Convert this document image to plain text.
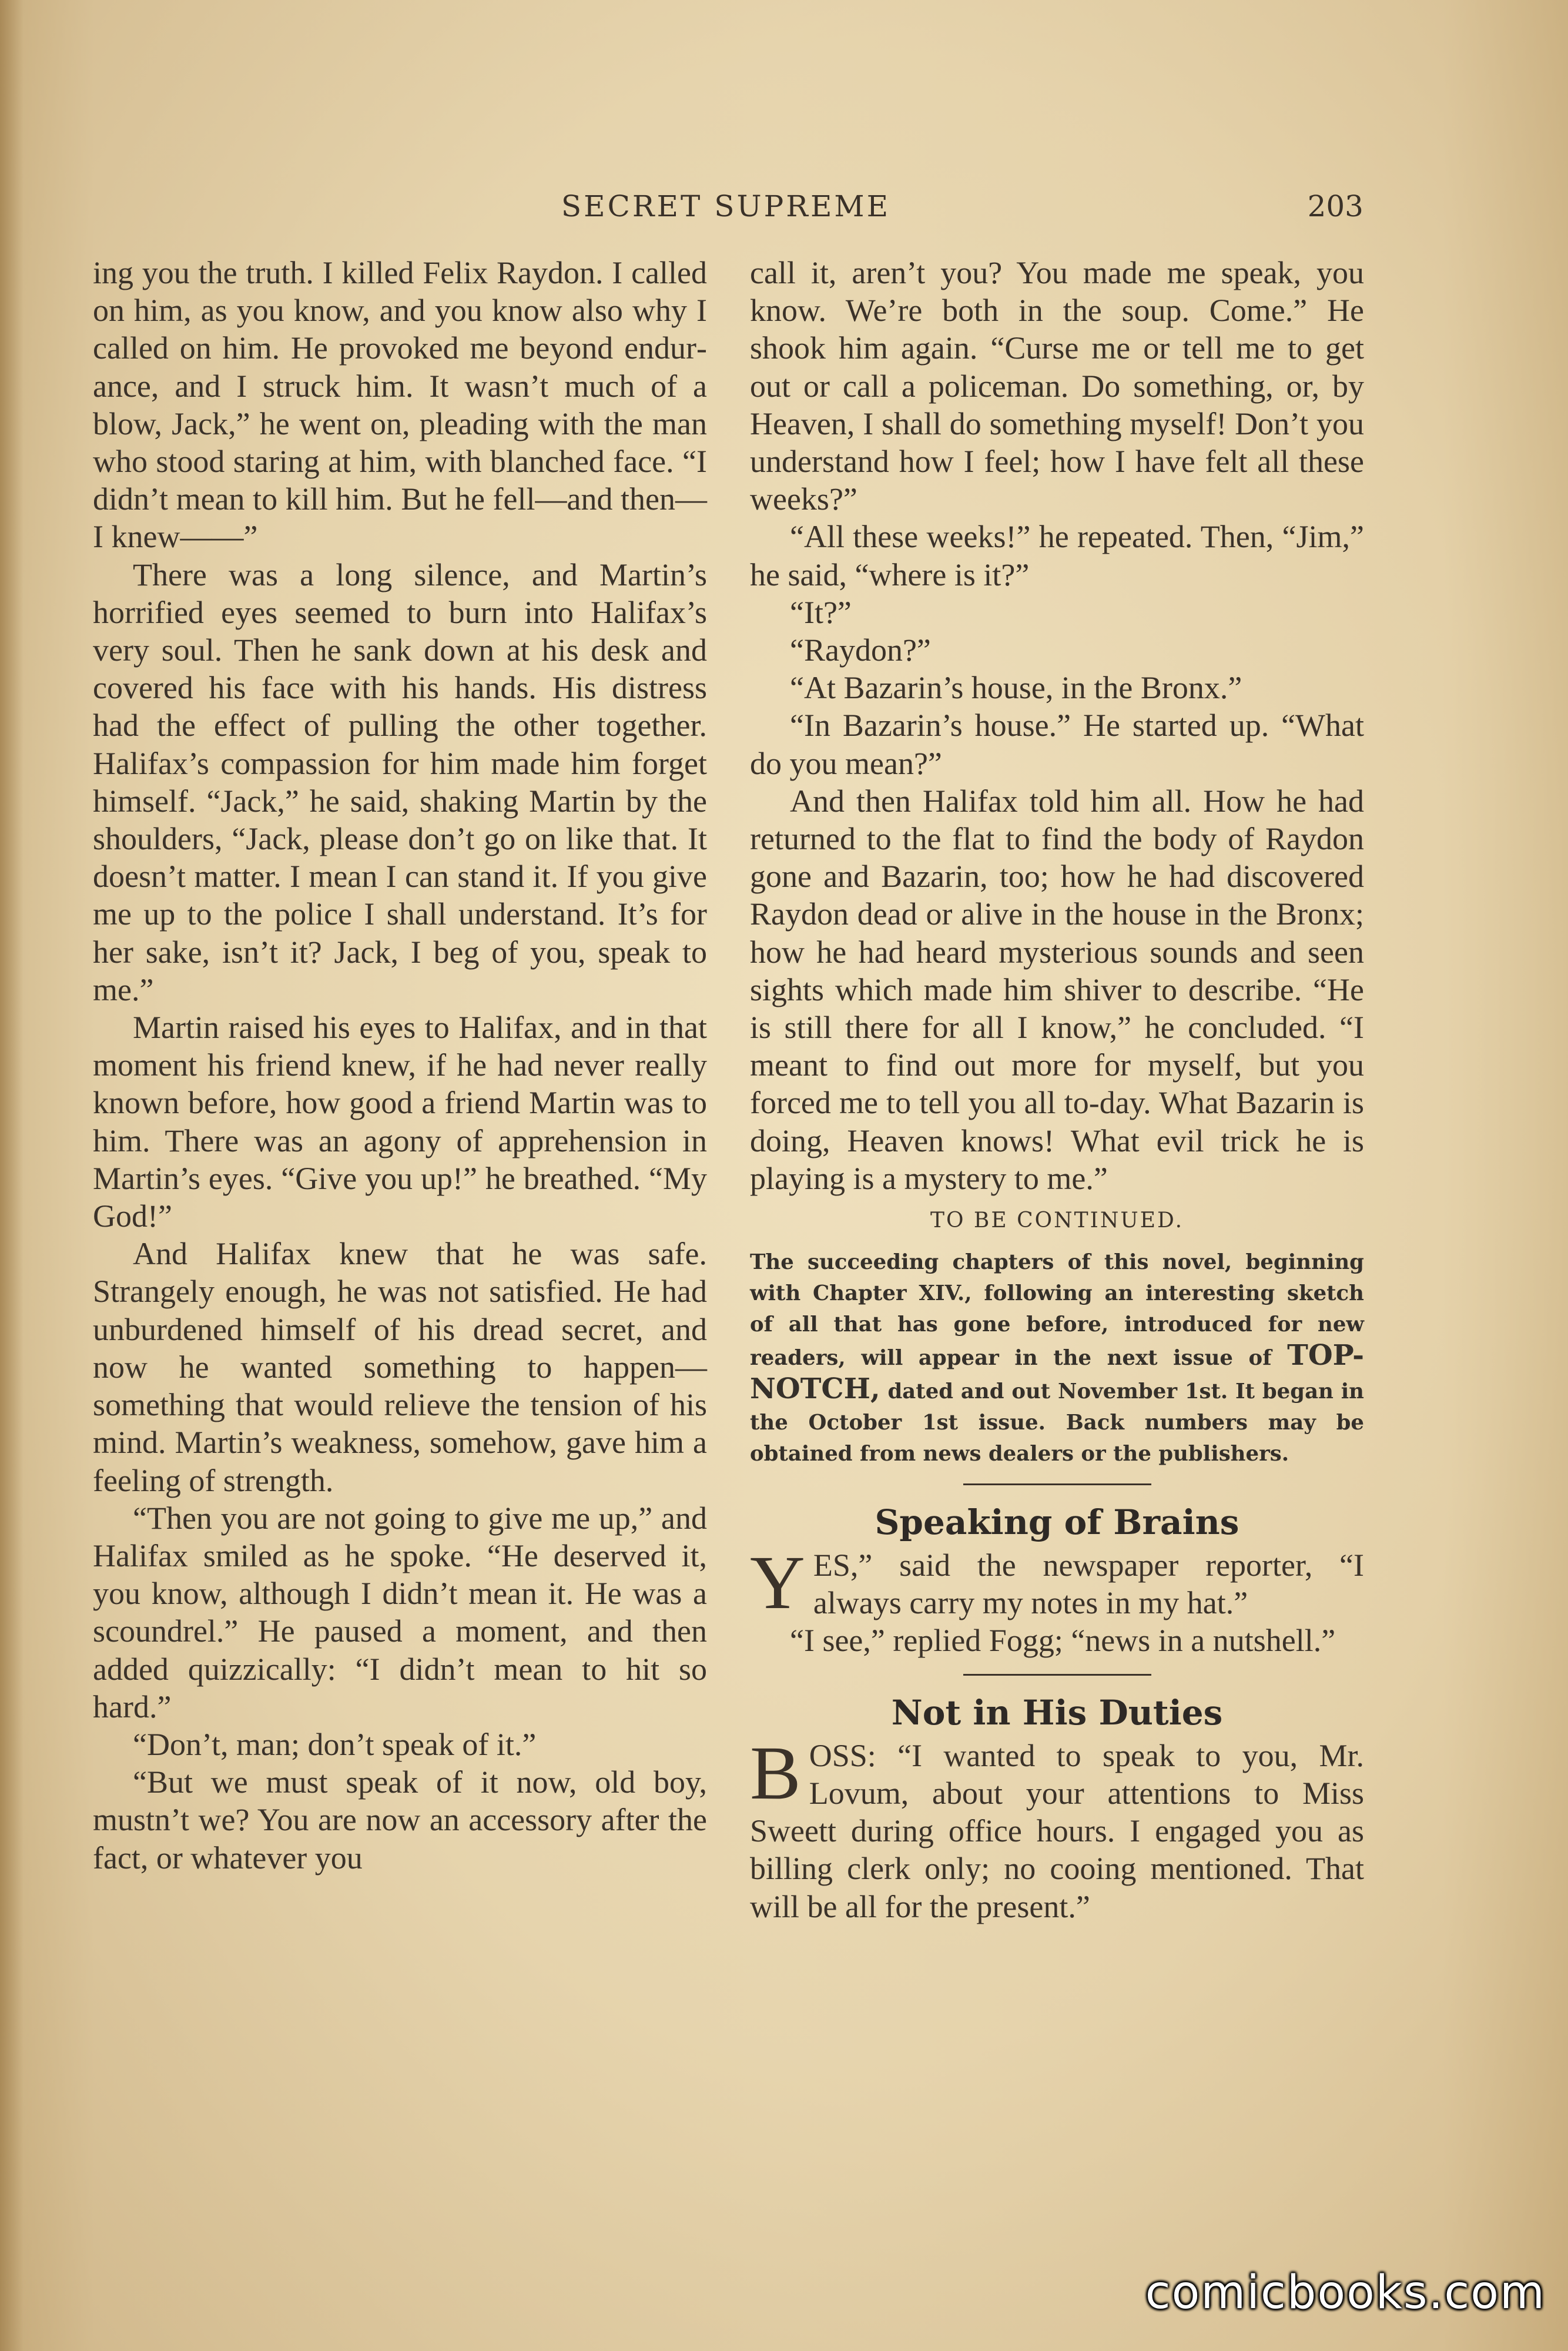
SECRET SUPREME	203

ing you the truth. I killed Felix Raydon. I called on him, as you know, and you know also why I called on him. He provoked me beyond endurance, and I struck him. It wasn’t much of a blow, Jack,” he went on, pleading with the man who stood staring at him, with blanched face. “I didn’t mean to kill him. But he fell—and then—I knew——”

There was a long silence, and Martin’s horrified eyes seemed to burn into Halifax’s very soul. Then he sank down at his desk and covered his face with his hands. His distress had the effect of pulling the other together. Halifax’s compassion for him made him forget himself. “Jack,” he said, shaking Martin by the shoulders, “Jack, please don’t go on like that. It doesn’t matter. I mean I can stand it. If you give me up to the police I shall understand. It’s for her sake, isn’t it? Jack, I beg of you, speak to me.”

Martin raised his eyes to Halifax, and in that moment his friend knew, if he had never really known before, how good a friend Martin was to him. There was an agony of apprehension in Martin’s eyes. “Give you up!” he breathed. “My God!”

And Halifax knew that he was safe. Strangely enough, he was not satisfied. He had unburdened himself of his dread secret, and now he wanted something to happen—something that would relieve the tension of his mind. Martin’s weakness, somehow, gave him a feeling of strength.

“Then you are not going to give me up,” and Halifax smiled as he spoke. “He deserved it, you know, although I didn’t mean it. He was a scoundrel.” He paused a moment, and then added quizzically: “I didn’t mean to hit so hard.”

“Don’t, man; don’t speak of it.”

“But we must speak of it now, old boy, mustn’t we? You are now an accessory after the fact, or whatever you

call it, aren’t you? You made me speak, you know. We’re both in the soup. Come.” He shook him again. “Curse me or tell me to get out or call a policeman. Do something, or, by Heaven, I shall do something myself! Don’t you understand how I feel; how I have felt all these weeks?”

“All these weeks!” he repeated. Then, “Jim,” he said, “where is it?”

“It?”

“Raydon?”

“At Bazarin’s house, in the Bronx.”

“In Bazarin’s house.” He started up. “What do you mean?”

And then Halifax told him all. How he had returned to the flat to find the body of Raydon gone and Bazarin, too; how he had discovered Raydon dead or alive in the house in the Bronx; how he had heard mysterious sounds and seen sights which made him shiver to describe. “He is still there for all I know,” he concluded. “I meant to find out more for myself, but you forced me to tell you all to-day. What Bazarin is doing, Heaven knows! What evil trick he is playing is a mystery to me.”

TO BE CONTINUED.
The succeeding chapters of this novel, beginning with Chapter XIV., following an interesting sketch of all that has gone before, introduced for new readers, will appear in the next issue of TOP-NOTCH, dated and out November 1st. It began in the October 1st issue. Back numbers may be obtained from news dealers or the publishers.
Speaking of Brains

YES,” said the newspaper reporter, “I always carry my notes in my hat.”

“I see,” replied Fogg; “news in a nutshell.”

Not in His Duties

BOSS: “I wanted to speak to you, Mr. Lovum, about your attentions to Miss Sweett during office hours. I engaged you as billing clerk only; no cooing mentioned. That will be all for the present.”

comicbooks.com
